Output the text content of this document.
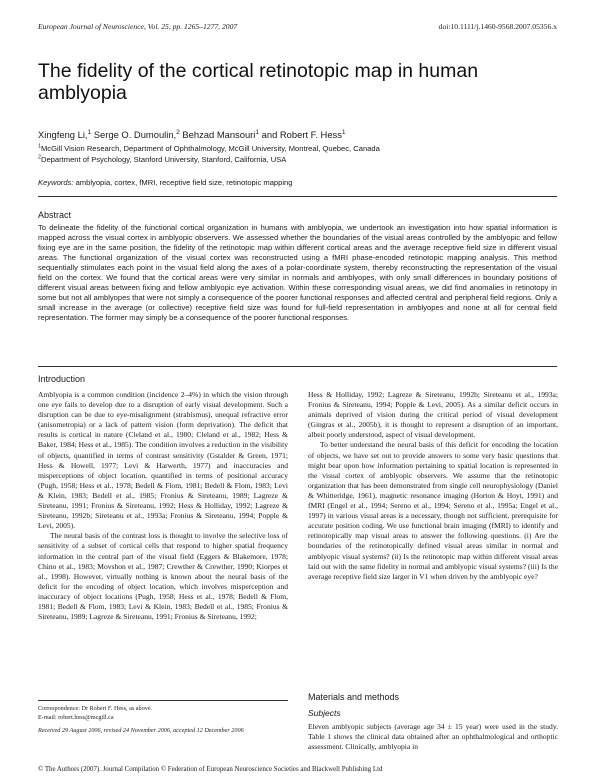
European Journal of Neuroscience, Vol. 25, pp. 1265–1277, 2007	doi:10.1111/j.1460-9568.2007.05356.x
The fidelity of the cortical retinotopic map in human amblyopia
Xingfeng Li,$^1$ Serge O. Dumoulin,$^2$ Behzad Mansouri$^1$ and Robert F. Hess$^1$
$^1$McGill Vision Research, Department of Ophthalmology, McGill University, Montreal, Quebec, Canada
$^2$Department of Psychology, Stanford University, Stanford, California, USA
Keywords: amblyopia, cortex, fMRI, receptive field size, retinotopic mapping
Abstract
To delineate the fidelity of the functional cortical organization in humans with amblyopia, we undertook an investigation into how spatial information is mapped across the visual cortex in amblyopic observers. We assessed whether the boundaries of the visual areas controlled by the amblyopic and fellow fixing eye are in the same position, the fidelity of the retinotopic map within different cortical areas and the average receptive field size in different visual areas. The functional organization of the visual cortex was reconstructed using a fMRI phase-encoded retinotopic mapping analysis. This method sequentially stimulates each point in the visual field along the axes of a polar-coordinate system, thereby reconstructing the representation of the visual field on the cortex. We found that the cortical areas were very similar in normals and amblyopes, with only small differences in boundary positions of different visual areas between fixing and fellow amblyopic eye activation. Within these corresponding visual areas, we did find anomalies in retinotopy in some but not all amblyopes that were not simply a consequence of the poorer functional responses and affected central and peripheral field regions. Only a small increase in the average (or collective) receptive field size was found for full-field representation in amblyopes and none at all for central field representation. The former may simply be a consequence of the poorer functional responses.
Introduction

Amblyopia is a common condition (incidence 2–4%) in which the vision through one eye fails to develop due to a disruption of early visual development. Such a disruption can be due to eye-misalignment (strabismus), unequal refractive error (anisometropia) or a lack of pattern vision (form deprivation). The deficit that results is cortical in nature (Cleland et al., 1980; Cleland et al., 1982; Hess & Baker, 1984; Hess et al., 1985). The condition involves a reduction in the visibility of objects, quantified in terms of contrast sensitivity (Gstalder & Green, 1971; Hess & Howell, 1977; Levi & Harwerth, 1977) and inaccuracies and misperceptions of object location, quantified in terms of positional accuracy (Pugh, 1958; Hess et al., 1978; Bedell & Flom, 1981; Bedell & Flom, 1983; Levi & Klein, 1983; Bedell et al., 1985; Fronius & Sireteanu, 1989; Lagreze & Sireteanu, 1991; Fronius & Sireteanu, 1992; Hess & Holliday, 1992; Lagreze & Sireteanu, 1992b; Sireteanu et al., 1993a; Fronius & Sireteanu, 1994; Popple & Levi, 2005).

The neural basis of the contrast loss is thought to involve the selective loss of sensitivity of a subset of cortical cells that respond to higher spatial frequency information in the central part of the visual field (Eggers & Blakemore, 1978; Chino et al., 1983; Movshon et al., 1987; Crewther & Crewther, 1990; Kiorpes et al., 1998). However, virtually nothing is known about the neural basis of the deficit for the encoding of object location, which involves misperception and inaccuracy of object locations (Pugh, 1958; Hess et al., 1978; Bedell & Flom, 1981; Bedell & Flom, 1983; Levi & Klein, 1983; Bedell et al., 1985; Fronius & Sireteanu, 1989; Lagreze & Sireteanu, 1991; Fronius & Sireteanu, 1992;

Hess & Holliday, 1992; Lagreze & Sireteanu, 1992b; Sireteanu et al., 1993a; Fronius & Sireteanu, 1994; Popple & Levi, 2005). As a similar deficit occurs in animals deprived of vision during the critical period of visual development (Gingras et al., 2005b), it is thought to represent a disruption of an important, albeit poorly understood, aspect of visual development.

To better understand the neural basis of this deficit for encoding the location of objects, we have set out to provide answers to some very basic questions that might bear upon how information pertaining to spatial location is represented in the visual cortex of amblyopic observers. We assume that the retinotopic organization that has been demonstrated from single cell neurophysiology (Daniel & Whitteridge, 1961), magnetic resonance imaging (Horton & Hoyt, 1991) and fMRI (Engel et al., 1994; Sereno et al., 1994; Sereno et al., 1995a; Engel et al., 1997) in various visual areas is a necessary, though not sufficient, prerequisite for accurate position coding. We use functional brain imaging (fMRI) to identify and retinotopically map visual areas to answer the following questions. (i) Are the boundaries of the retinotopically defined visual areas similar in normal and amblyopic visual systems? (ii) Is the retinotopic map within different visual areas laid out with the same fidelity in normal and amblyopic visual systems? (iii) Is the average receptive field size larger in V1 when driven by the amblyopic eye?

Materials and methods
Subjects

Eleven amblyopic subjects (average age 34 ± 15 year) were used in the study. Table 1 shows the clinical data obtained after an ophthalmological and orthoptic assessment. Clinically, amblyopia in

Correspondence: Dr Robert F. Hess, as above.
E-mail: robert.hess@mcgill.ca
Received 29 August 2006, revised 24 November 2006, accepted 12 December 2006
© The Authors (2007). Journal Compilation © Federation of European Neuroscience Societies and Blackwell Publishing Ltd
